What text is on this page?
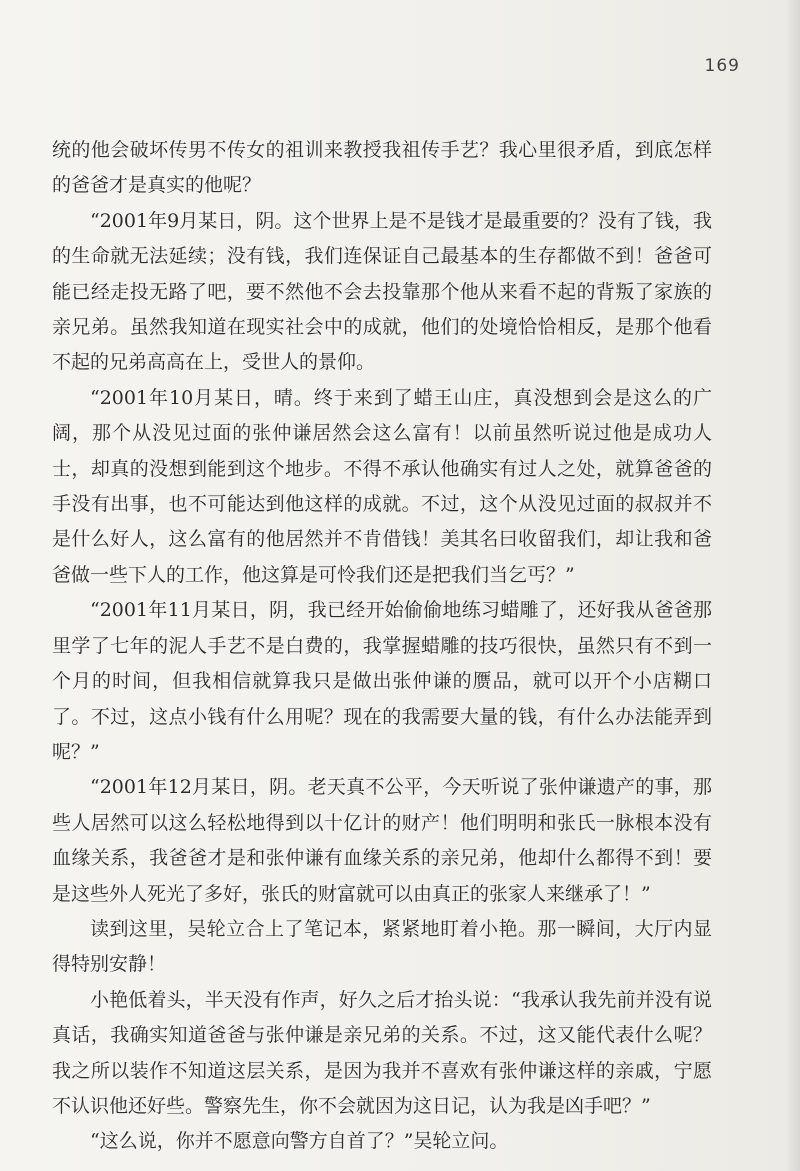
169

统的他会破坏传男不传女的祖训来教授我祖传手艺？我心里很矛盾，到底怎样的爸爸才是真实的他呢？

“2001年9月某日，阴。这个世界上是不是钱才是最重要的？没有了钱，我的生命就无法延续；没有钱，我们连保证自己最基本的生存都做不到！爸爸可能已经走投无路了吧，要不然他不会去投靠那个他从来看不起的背叛了家族的亲兄弟。虽然我知道在现实社会中的成就，他们的处境恰恰相反，是那个他看不起的兄弟高高在上，受世人的景仰。

“2001年10月某日，晴。终于来到了蜡王山庄，真没想到会是这么的广阔，那个从没见过面的张仲谦居然会这么富有！以前虽然听说过他是成功人士，却真的没想到能到这个地步。不得不承认他确实有过人之处，就算爸爸的手没有出事，也不可能达到他这样的成就。不过，这个从没见过面的叔叔并不是什么好人，这么富有的他居然并不肯借钱！美其名曰收留我们，却让我和爸爸做一些下人的工作，他这算是可怜我们还是把我们当乞丐？”

“2001年11月某日，阴，我已经开始偷偷地练习蜡雕了，还好我从爸爸那里学了七年的泥人手艺不是白费的，我掌握蜡雕的技巧很快，虽然只有不到一个月的时间，但我相信就算我只是做出张仲谦的赝品，就可以开个小店糊口了。不过，这点小钱有什么用呢？现在的我需要大量的钱，有什么办法能弄到呢？”

“2001年12月某日，阴。老天真不公平，今天听说了张仲谦遗产的事，那些人居然可以这么轻松地得到以十亿计的财产！他们明明和张氏一脉根本没有血缘关系，我爸爸才是和张仲谦有血缘关系的亲兄弟，他却什么都得不到！要是这些外人死光了多好，张氏的财富就可以由真正的张家人来继承了！”

读到这里，吴轮立合上了笔记本，紧紧地盯着小艳。那一瞬间，大厅内显得特别安静！

小艳低着头，半天没有作声，好久之后才抬头说：“我承认我先前并没有说真话，我确实知道爸爸与张仲谦是亲兄弟的关系。不过，这又能代表什么呢？我之所以装作不知道这层关系，是因为我并不喜欢有张仲谦这样的亲戚，宁愿不认识他还好些。警察先生，你不会就因为这日记，认为我是凶手吧？”

“这么说，你并不愿意向警方自首了？”吴轮立问。
